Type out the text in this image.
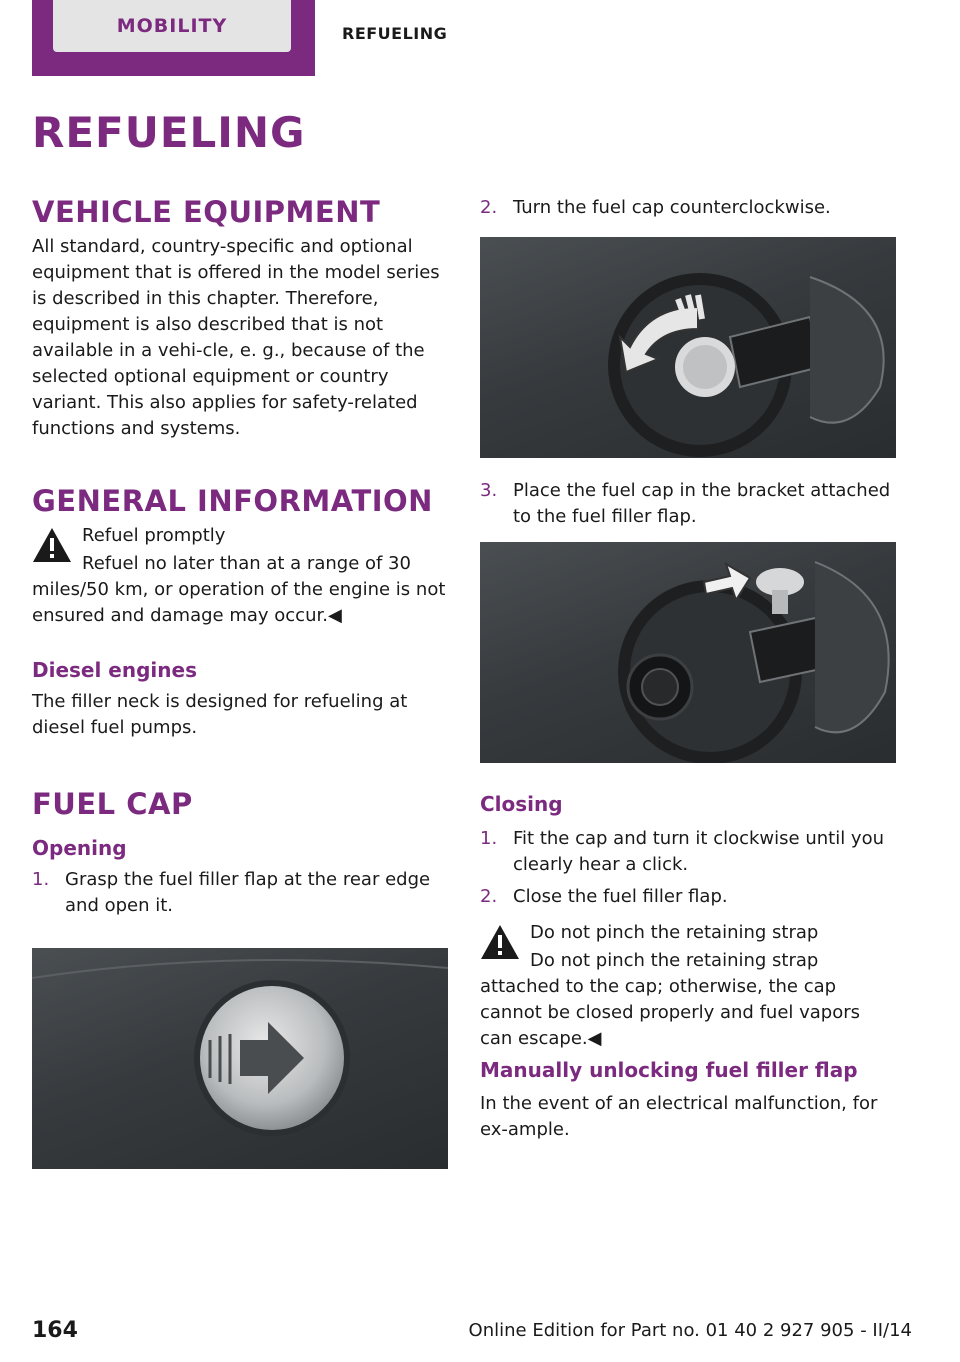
MOBILITY	REFUELING
REFUELING
VEHICLE EQUIPMENT

All standard, country-specific and optional equipment that is offered in the model series is described in this chapter. Therefore, equipment is also described that is not available in a vehi‐cle, e. g., because of the selected optional equipment or country variant. This also applies for safety-related functions and systems.

GENERAL INFORMATION

Refuel promptly

Refuel no later than at a range of 30 miles/50 km, or operation of the engine is not ensured and damage may occur.◀

Diesel engines

The filler neck is designed for refueling at diesel fuel pumps.

FUEL CAP
Opening
1. Grasp the fuel filler flap at the rear edge and open it.
2. Turn the fuel cap counterclockwise.
3. Place the fuel cap in the bracket attached to the fuel filler flap.
Closing
1. Fit the cap and turn it clockwise until you clearly hear a click.
2. Close the fuel filler flap.

Do not pinch the retaining strap

Do not pinch the retaining strap attached to the cap; otherwise, the cap cannot be closed properly and fuel vapors can escape.◀

Manually unlocking fuel filler flap

In the event of an electrical malfunction, for ex‐ample.

164	Online Edition for Part no. 01 40 2 927 905 - II/14
